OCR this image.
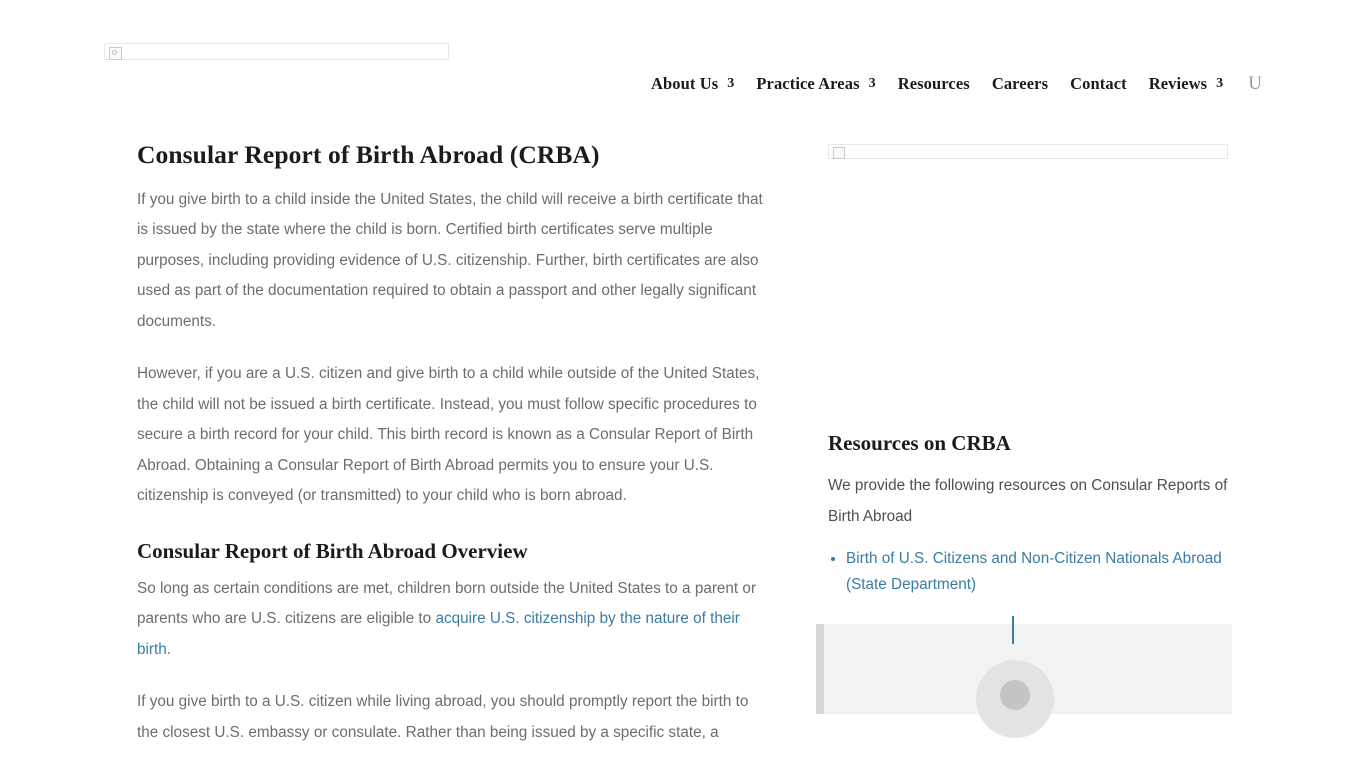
About Us 3 Practice Areas 3 Resources Careers Contact Reviews 3 U
Consular Report of Birth Abroad (CRBA)

If you give birth to a child inside the United States, the child will receive a birth certificate that is issued by the state where the child is born. Certified birth certificates serve multiple purposes, including providing evidence of U.S. citizenship. Further, birth certificates are also used as part of the documentation required to obtain a passport and other legally significant documents.

However, if you are a U.S. citizen and give birth to a child while outside of the United States, the child will not be issued a birth certificate. Instead, you must follow specific procedures to secure a birth record for your child. This birth record is known as a Consular Report of Birth Abroad. Obtaining a Consular Report of Birth Abroad permits you to ensure your U.S. citizenship is conveyed (or transmitted) to your child who is born abroad.

Consular Report of Birth Abroad Overview

So long as certain conditions are met, children born outside the United States to a parent or parents who are U.S. citizens are eligible to acquire U.S. citizenship by the nature of their birth.

If you give birth to a U.S. citizen while living abroad, you should promptly report the birth to the closest U.S. embassy or consulate. Rather than being issued by a specific state, a

Resources on CRBA

We provide the following resources on Consular Reports of Birth Abroad

• Birth of U.S. Citizens and Non-Citizen Nationals Abroad (State Department)
